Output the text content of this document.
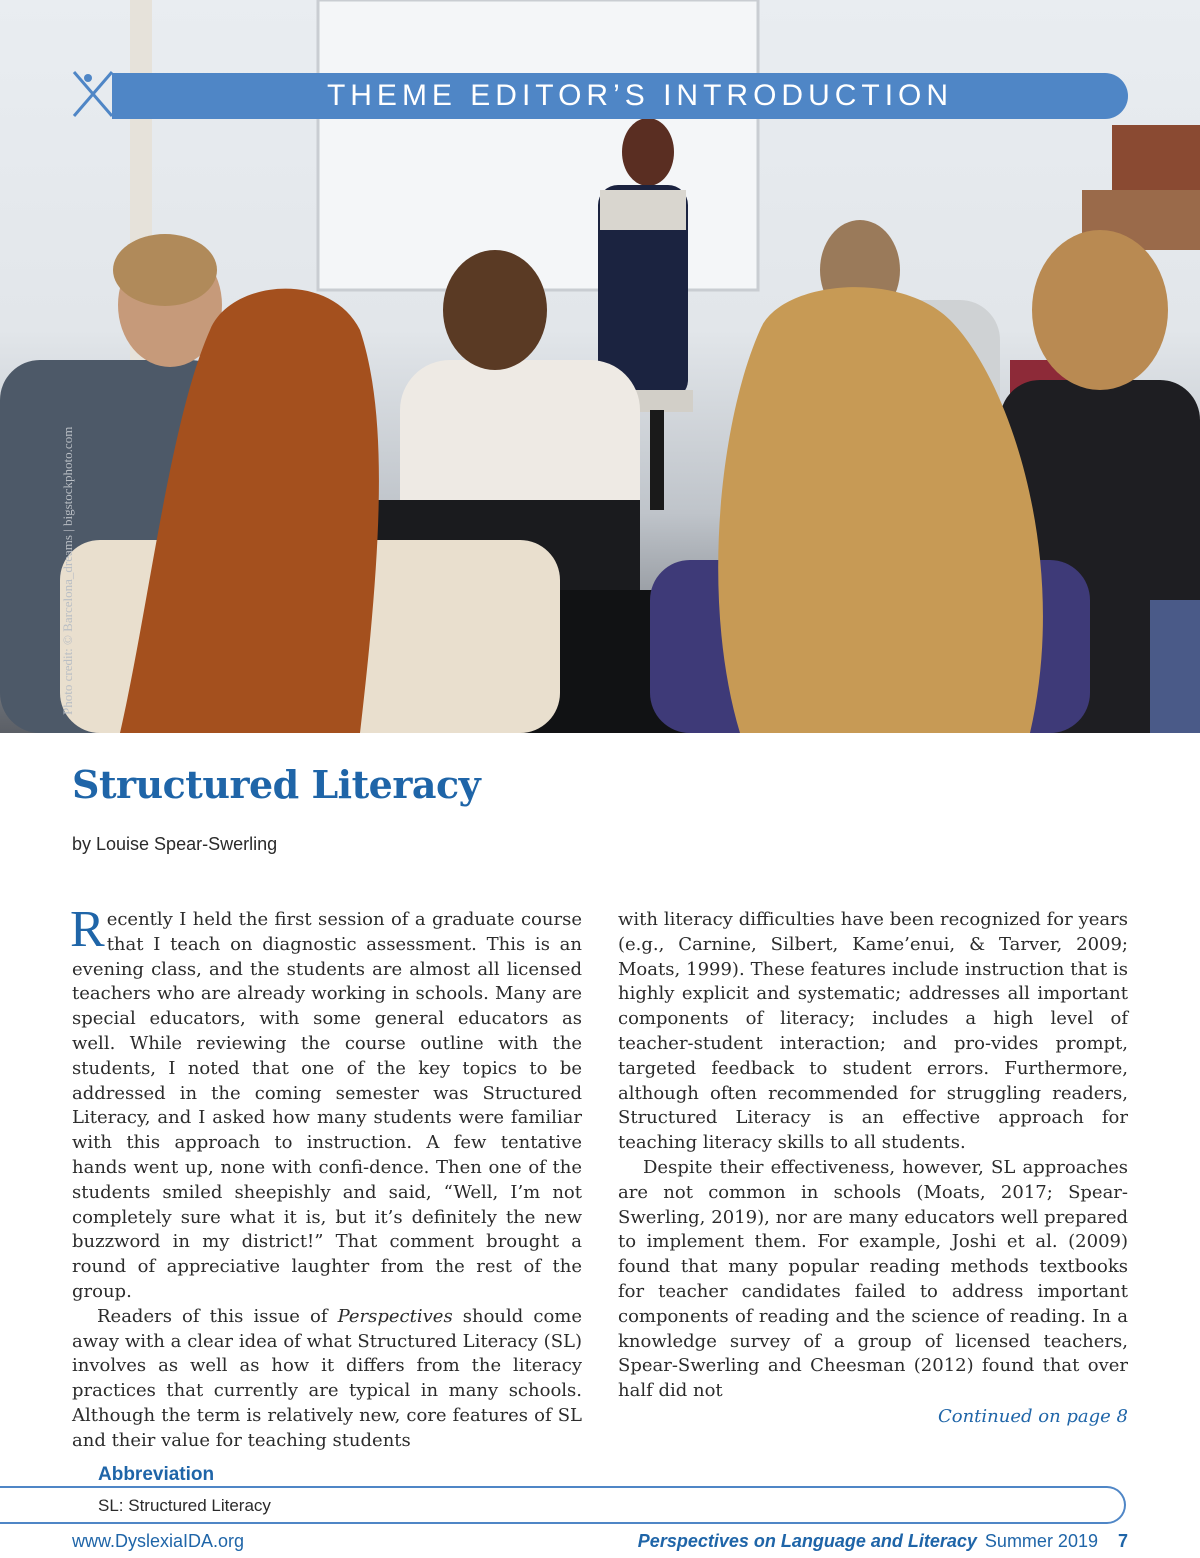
THEME EDITOR’S INTRODUCTION
Photo credit: © Barcelona_dreams | bigstockphoto.com
Structured Literacy
by Louise Spear-Swerling

Recently I held the first session of a graduate course that I teach on diagnostic assessment. This is an evening class, and the students are almost all licensed teachers who are already working in schools. Many are special educators, with some general educators as well. While reviewing the course outline with the students, I noted that one of the key topics to be addressed in the coming semester was Structured Literacy, and I asked how many students were familiar with this approach to instruction. A few tentative hands went up, none with confi-dence. Then one of the students smiled sheepishly and said, “Well, I’m not completely sure what it is, but it’s definitely the new buzzword in my district!” That comment brought a round of appreciative laughter from the rest of the group.

Readers of this issue of Perspectives should come away with a clear idea of what Structured Literacy (SL) involves as well as how it differs from the literacy practices that currently are typical in many schools. Although the term is relatively new, core features of SL and their value for teaching students

with literacy difficulties have been recognized for years (e.g., Carnine, Silbert, Kame’enui, & Tarver, 2009; Moats, 1999). These features include instruction that is highly explicit and systematic; addresses all important components of literacy; includes a high level of teacher-student interaction; and pro-vides prompt, targeted feedback to student errors. Furthermore, although often recommended for struggling readers, Structured Literacy is an effective approach for teaching literacy skills to all students.

Despite their effectiveness, however, SL approaches are not common in schools (Moats, 2017; Spear-Swerling, 2019), nor are many educators well prepared to implement them. For example, Joshi et al. (2009) found that many popular reading methods textbooks for teacher candidates failed to address important components of reading and the science of reading. In a knowledge survey of a group of licensed teachers, Spear-Swerling and Cheesman (2012) found that over half did not

Continued on page 8
Abbreviation
SL: Structured Literacy
www.DyslexiaIDA.org	Perspectives on Language and Literacy Summer 2019 7
